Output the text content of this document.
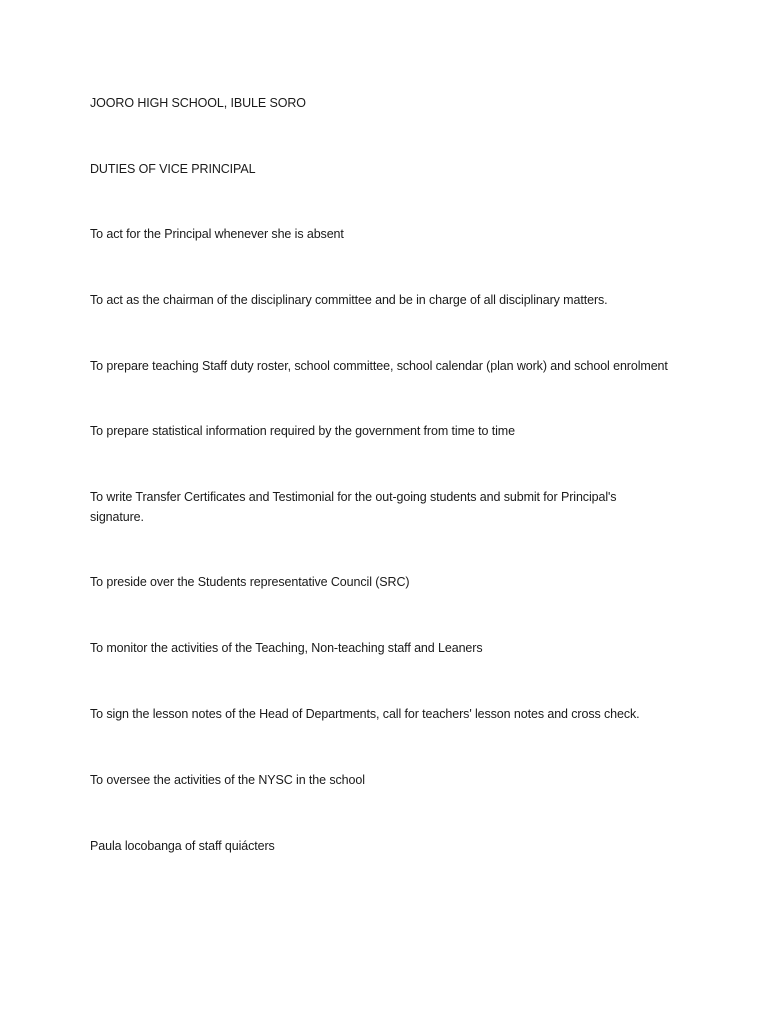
JOORO HIGH SCHOOL, IBULE SORO

DUTIES OF VICE PRINCIPAL

To act for the Principal whenever she is absent

To act as the chairman of the disciplinary committee and be in charge of all disciplinary matters.

To prepare teaching Staff duty roster, school committee, school calendar (plan work) and school enrolment

To prepare statistical information required by the government from time to time

To write Transfer Certificates and Testimonial for the out-going students and submit for Principal's signature.

To preside over the Students representative Council (SRC)

To monitor the activities of the Teaching, Non-teaching staff and Leaners

To sign the lesson notes of the Head of Departments, call for teachers' lesson notes and cross check.

To oversee the activities of the NYSC in the school

Paula locobanga of staff quiácters
